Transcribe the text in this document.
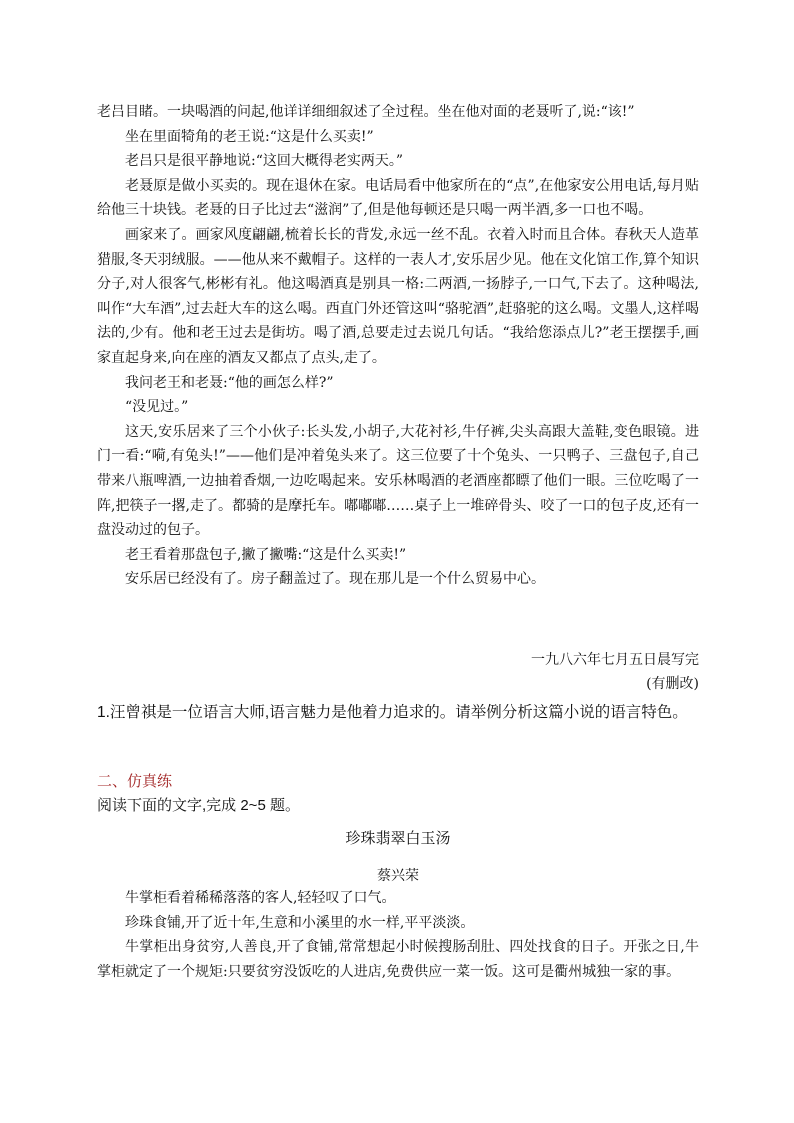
老吕目睹。一块喝酒的问起,他详详细细叙述了全过程。坐在他对面的老聂听了,说:“该!”

坐在里面犄角的老王说:“这是什么买卖!”

老吕只是很平静地说:“这回大概得老实两天。”

老聂原是做小买卖的。现在退休在家。电话局看中他家所在的“点”,在他家安公用电话,每月贴给他三十块钱。老聂的日子比过去“滋润”了,但是他每顿还是只喝一两半酒,多一口也不喝。

画家来了。画家风度翩翩,梳着长长的背发,永远一丝不乱。衣着入时而且合体。春秋天人造革猎服,冬天羽绒服。——他从来不戴帽子。这样的一表人才,安乐居少见。他在文化馆工作,算个知识分子,对人很客气,彬彬有礼。他这喝酒真是别具一格:二两酒,一扬脖子,一口气,下去了。这种喝法,叫作“大车酒”,过去赶大车的这么喝。西直门外还管这叫“骆驼酒”,赶骆驼的这么喝。文墨人,这样喝法的,少有。他和老王过去是街坊。喝了酒,总要走过去说几句话。“我给您添点儿?”老王摆摆手,画家直起身来,向在座的酒友又都点了点头,走了。

我问老王和老聂:“他的画怎么样?”

“没见过。”

这天,安乐居来了三个小伙子:长头发,小胡子,大花衬衫,牛仔裤,尖头高跟大盖鞋,变色眼镜。进门一看:“嗬,有兔头!”——他们是冲着兔头来了。这三位要了十个兔头、一只鸭子、三盘包子,自己带来八瓶啤酒,一边抽着香烟,一边吃喝起来。安乐林喝酒的老酒座都瞟了他们一眼。三位吃喝了一阵,把筷子一撂,走了。都骑的是摩托车。嘟嘟嘟……桌子上一堆碎骨头、咬了一口的包子皮,还有一盘没动过的包子。

老王看着那盘包子,撇了撇嘴:“这是什么买卖!”

安乐居已经没有了。房子翻盖过了。现在那儿是一个什么贸易中心。

一九八六年七月五日晨写完
(有删改)

1.汪曾祺是一位语言大师,语言魅力是他着力追求的。请举例分析这篇小说的语言特色。

二、仿真练

阅读下面的文字,完成 2~5 题。

珍珠翡翠白玉汤

蔡兴荣

牛掌柜看着稀稀落落的客人,轻轻叹了口气。

珍珠食铺,开了近十年,生意和小溪里的水一样,平平淡淡。

牛掌柜出身贫穷,人善良,开了食铺,常常想起小时候搜肠刮肚、四处找食的日子。开张之日,牛掌柜就定了一个规矩:只要贫穷没饭吃的人进店,免费供应一菜一饭。这可是衢州城独一家的事。
